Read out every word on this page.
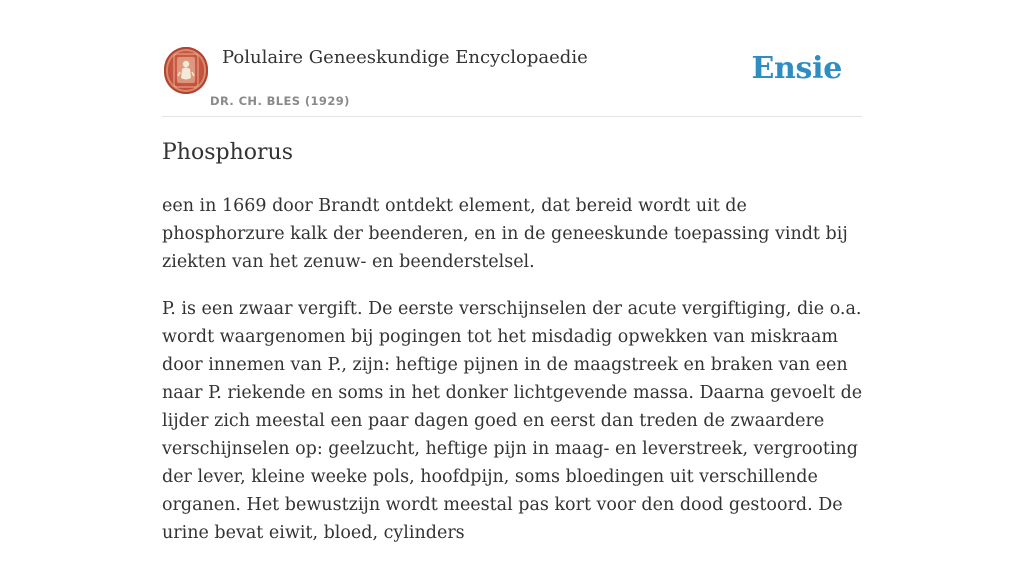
Polulaire Geneeskundige Encyclopaedie
DR. CH. BLES (1929)
Ensie
Phosphorus

een in 1669 door Brandt ontdekt element, dat bereid wordt uit de phosphorzure kalk der beenderen, en in de geneeskunde toepassing vindt bij ziekten van het zenuw- en beenderstelsel.

P. is een zwaar vergift. De eerste verschijnselen der acute vergiftiging, die o.a. wordt waargenomen bij pogingen tot het misdadig opwekken van miskraam door innemen van P., zijn: heftige pijnen in de maagstreek en braken van een naar P. riekende en soms in het donker lichtgevende massa. Daarna gevoelt de lijder zich meestal een paar dagen goed en eerst dan treden de zwaardere verschijnselen op: geelzucht, heftige pijn in maag- en leverstreek, vergrooting der lever, kleine weeke pols, hoofdpijn, soms bloedingen uit verschillende organen. Het bewustzijn wordt meestal pas kort voor den dood gestoord. De urine bevat eiwit, bloed, cylinders
